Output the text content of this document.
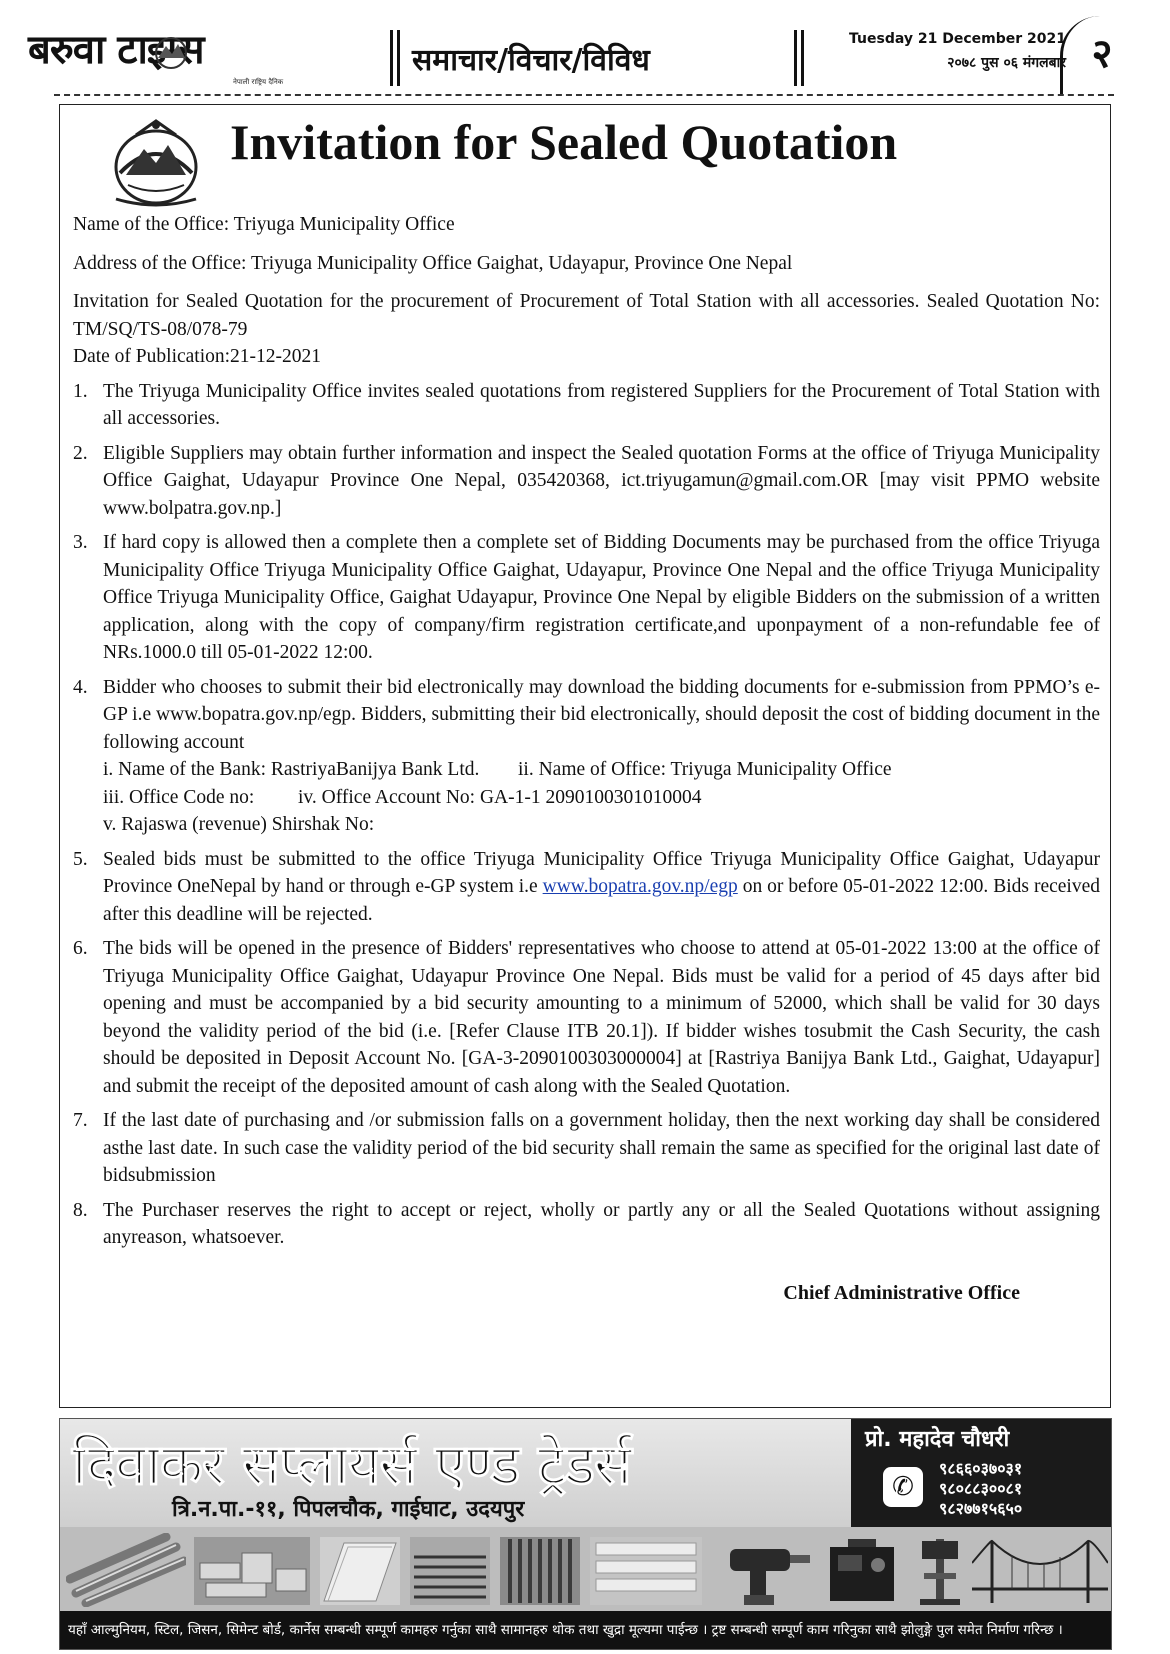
बरुवा टाइम्स
नेपाली राष्ट्रिय दैनिक
समाचार/विचार/विविध
Tuesday 21 December 2021
२०७८ पुस ०६ मंगलबार २
Invitation for Sealed Quotation

Name of the Office: Triyuga Municipality Office

Address of the Office: Triyuga Municipality Office Gaighat, Udayapur, Province One Nepal

Invitation for Sealed Quotation for the procurement of Procurement of Total Station with all accessories. Sealed Quotation No: TM/SQ/TS-08/078-79

Date of Publication:21-12-2021

1. The Triyuga Municipality Office invites sealed quotations from registered Suppliers for the Procurement of Total Station with all accessories.
2. Eligible Suppliers may obtain further information and inspect the Sealed quotation Forms at the office of Triyuga Municipality Office Gaighat, Udayapur Province One Nepal, 035420368, ict.triyugamun@gmail.com.OR [may visit PPMO website www.bolpatra.gov.np.]
3. If hard copy is allowed then a complete then a complete set of Bidding Documents may be purchased from the office Triyuga Municipality Office Triyuga Municipality Office Gaighat, Udayapur, Province One Nepal and the office Triyuga Municipality Office Triyuga Municipality Office, Gaighat Udayapur, Province One Nepal by eligible Bidders on the submission of a written application, along with the copy of company/firm registration certificate,and uponpayment of a non-refundable fee of NRs.1000.0 till 05-01-2022 12:00.
4. Bidder who chooses to submit their bid electronically may download the bidding documents for e-submission from PPMO’s e-GP i.e www.bopatra.gov.np/egp. Bidders, submitting their bid electronically, should deposit the cost of bidding document in the following account
i. Name of the Bank: RastriyaBanijya Bank Ltd. ii. Name of Office: Triyuga Municipality Office
iii. Office Code no: iv. Office Account No: GA-1-1 2090100301010004
v. Rajaswa (revenue) Shirshak No:
5. Sealed bids must be submitted to the office Triyuga Municipality Office Triyuga Municipality Office Gaighat, Udayapur Province OneNepal by hand or through e-GP system i.e www.bopatra.gov.np/egp on or before 05-01-2022 12:00. Bids received after this deadline will be rejected.
6. The bids will be opened in the presence of Bidders' representatives who choose to attend at 05-01-2022 13:00 at the office of Triyuga Municipality Office Gaighat, Udayapur Province One Nepal. Bids must be valid for a period of 45 days after bid opening and must be accompanied by a bid security amounting to a minimum of 52000, which shall be valid for 30 days beyond the validity period of the bid (i.e. [Refer Clause ITB 20.1]). If bidder wishes tosubmit the Cash Security, the cash should be deposited in Deposit Account No. [GA-3-2090100303000004] at [Rastriya Banijya Bank Ltd., Gaighat, Udayapur] and submit the receipt of the deposited amount of cash along with the Sealed Quotation.
7. If the last date of purchasing and /or submission falls on a government holiday, then the next working day shall be considered asthe last date. In such case the validity period of the bid security shall remain the same as specified for the original last date of bidsubmission
8. The Purchaser reserves the right to accept or reject, wholly or partly any or all the Sealed Quotations without assigning anyreason, whatsoever.
Chief Administrative Office
दिवाकर सप्लायर्स एण्ड ट्रेडर्स
त्रि.न.पा.-११, पिपलचौक, गाईघाट, उदयपुर
प्रो. महादेव चौधरी
✆
९८६६०३७०३१
९८०८८३००८१
९८२७७१५६५०
यहाँ आल्मुनियम, स्टिल, जिसन, सिमेन्ट बोर्ड, कार्नेस सम्बन्धी सम्पूर्ण कामहरु गर्नुका साथै सामानहरु थोक तथा खुद्रा मूल्यमा पाईन्छ । ट्रष्ट सम्बन्धी सम्पूर्ण काम गरिनुका साथै झोलुङ्गे पुल समेत निर्माण गरिन्छ ।
